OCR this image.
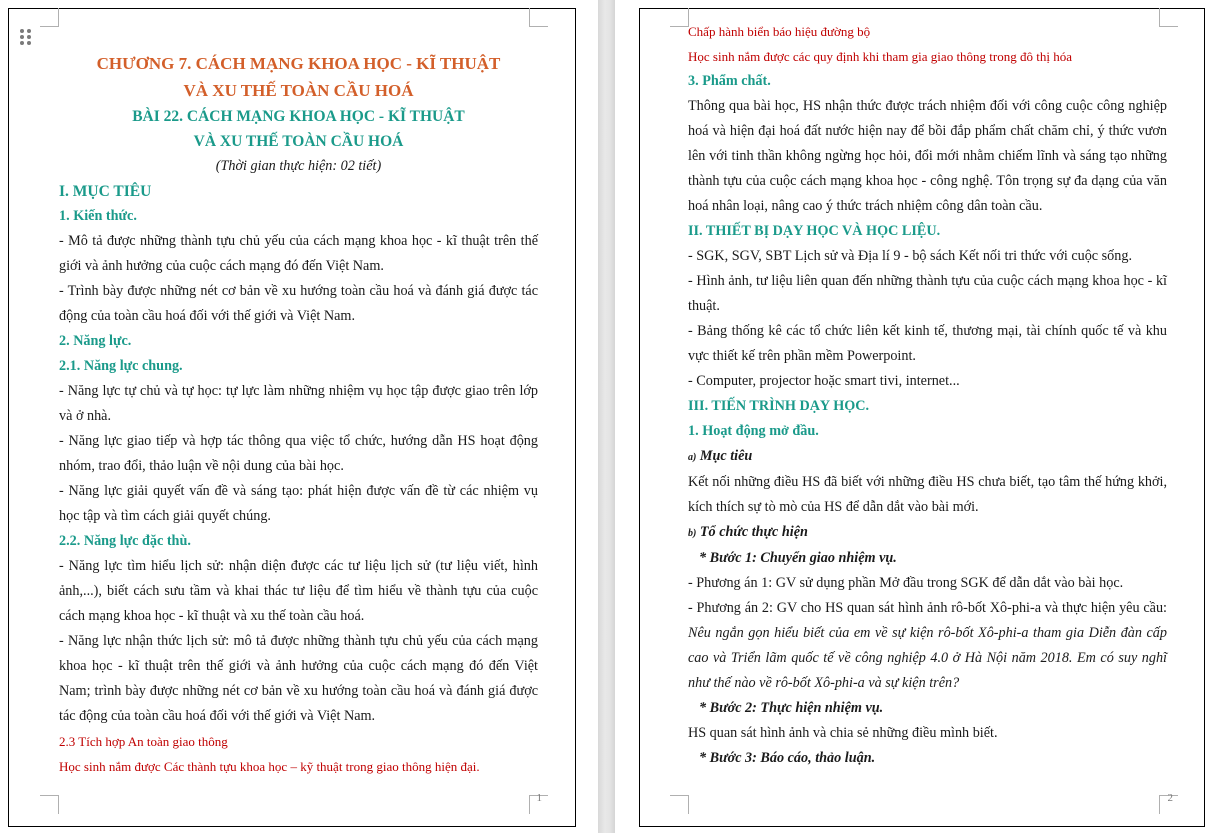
CHƯƠNG 7. CÁCH MẠNG KHOA HỌC - KĨ THUẬT
VÀ XU THẾ TOÀN CẦU HOÁ
BÀI 22. CÁCH MẠNG KHOA HỌC - KĨ THUẬT
VÀ XU THẾ TOÀN CẦU HOÁ
(Thời gian thực hiện: 02 tiết)
I. MỤC TIÊU
1. Kiến thức.
- Mô tả được những thành tựu chủ yếu của cách mạng khoa học - kĩ thuật trên thế giới và ảnh hưởng của cuộc cách mạng đó đến Việt Nam.
- Trình bày được những nét cơ bản về xu hướng toàn cầu hoá và đánh giá được tác động của toàn cầu hoá đối với thế giới và Việt Nam.
2. Năng lực.
2.1. Năng lực chung.
- Năng lực tự chủ và tự học: tự lực làm những nhiệm vụ học tập được giao trên lớp và ở nhà.
- Năng lực giao tiếp và hợp tác thông qua việc tổ chức, hướng dẫn HS hoạt động nhóm, trao đổi, thảo luận về nội dung của bài học.
- Năng lực giải quyết vấn đề và sáng tạo: phát hiện được vấn đề từ các nhiệm vụ học tập và tìm cách giải quyết chúng.
2.2. Năng lực đặc thù.
- Năng lực tìm hiểu lịch sử: nhận diện được các tư liệu lịch sử (tư liệu viết, hình ảnh,...), biết cách sưu tầm và khai thác tư liệu để tìm hiểu về thành tựu của cuộc cách mạng khoa học - kĩ thuật và xu thế toàn cầu hoá.
- Năng lực nhận thức lịch sử: mô tả được những thành tựu chủ yếu của cách mạng khoa học - kĩ thuật trên thế giới và ảnh hưởng của cuộc cách mạng đó đến Việt Nam; trình bày được những nét cơ bản về xu hướng toàn cầu hoá và đánh giá được tác động của toàn cầu hoá đối với thế giới và Việt Nam.
2.3 Tích hợp An toàn giao thông
Học sinh nắm được Các thành tựu khoa học – kỹ thuật trong giao thông hiện đại.
1
Chấp hành biển báo hiệu đường bộ
Học sinh nắm được các quy định khi tham gia giao thông trong đô thị hóa
3. Phẩm chất.
Thông qua bài học, HS nhận thức được trách nhiệm đối với công cuộc công nghiệp hoá và hiện đại hoá đất nước hiện nay để bồi đắp phẩm chất chăm chỉ, ý thức vươn lên với tinh thần không ngừng học hỏi, đổi mới nhằm chiếm lĩnh và sáng tạo những thành tựu của cuộc cách mạng khoa học - công nghệ. Tôn trọng sự đa dạng của văn hoá nhân loại, nâng cao ý thức trách nhiệm công dân toàn cầu.
II. THIẾT BỊ DẠY HỌC VÀ HỌC LIỆU.
- SGK, SGV, SBT Lịch sử và Địa lí 9 - bộ sách Kết nối tri thức với cuộc sống.
- Hình ảnh, tư liệu liên quan đến những thành tựu của cuộc cách mạng khoa học - kĩ thuật.
- Bảng thống kê các tổ chức liên kết kinh tế, thương mại, tài chính quốc tế và khu vực thiết kế trên phần mềm Powerpoint.
- Computer, projector hoặc smart tivi, internet...
III. TIẾN TRÌNH DẠY HỌC.
1. Hoạt động mở đầu.
a) Mục tiêu
Kết nối những điều HS đã biết với những điều HS chưa biết, tạo tâm thế hứng khởi, kích thích sự tò mò của HS để dẫn dắt vào bài mới.
b) Tổ chức thực hiện
* Bước 1: Chuyển giao nhiệm vụ.
- Phương án 1: GV sử dụng phần Mở đầu trong SGK để dẫn dắt vào bài học.
- Phương án 2: GV cho HS quan sát hình ảnh rô-bốt Xô-phi-a và thực hiện yêu cầu: Nêu ngắn gọn hiểu biết của em về sự kiện rô-bốt Xô-phi-a tham gia Diễn đàn cấp cao và Triển lãm quốc tế về công nghiệp 4.0 ở Hà Nội năm 2018. Em có suy nghĩ như thế nào về rô-bốt Xô-phi-a và sự kiện trên?
* Bước 2: Thực hiện nhiệm vụ.
HS quan sát hình ảnh và chia sẻ những điều mình biết.
* Bước 3: Báo cáo, thảo luận.
2
